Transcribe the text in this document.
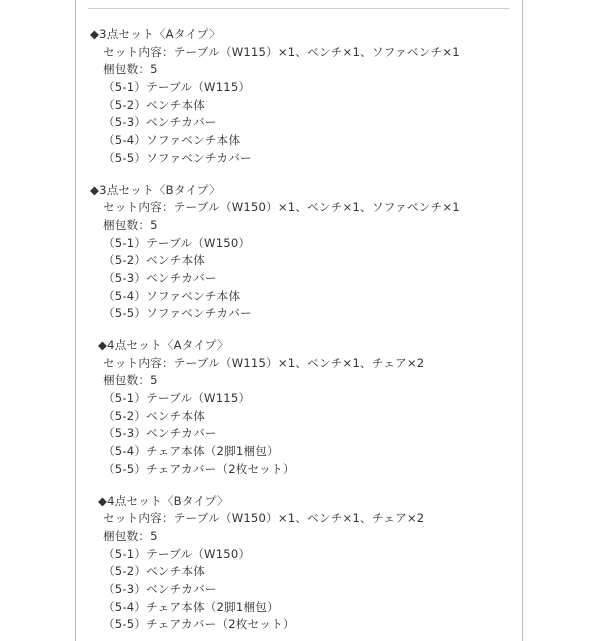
◆3点セット〈Aタイプ〉
セット内容：テーブル（W115）×1、ベンチ×1、ソファベンチ×1
梱包数：5
（5-1）テーブル（W115）
（5-2）ベンチ本体
（5-3）ベンチカバー
（5-4）ソファベンチ本体
（5-5）ソファベンチカバー
◆3点セット〈Bタイプ〉
セット内容：テーブル（W150）×1、ベンチ×1、ソファベンチ×1
梱包数：5
（5-1）テーブル（W150）
（5-2）ベンチ本体
（5-3）ベンチカバー
（5-4）ソファベンチ本体
（5-5）ソファベンチカバー
◆4点セット〈Aタイプ〉
セット内容：テーブル（W115）×1、ベンチ×1、チェア×2
梱包数：5
（5-1）テーブル（W115）
（5-2）ベンチ本体
（5-3）ベンチカバー
（5-4）チェア本体（2脚1梱包）
（5-5）チェアカバー（2枚セット）
◆4点セット〈Bタイプ〉
セット内容：テーブル（W150）×1、ベンチ×1、チェア×2
梱包数：5
（5-1）テーブル（W150）
（5-2）ベンチ本体
（5-3）ベンチカバー
（5-4）チェア本体（2脚1梱包）
（5-5）チェアカバー（2枚セット）
